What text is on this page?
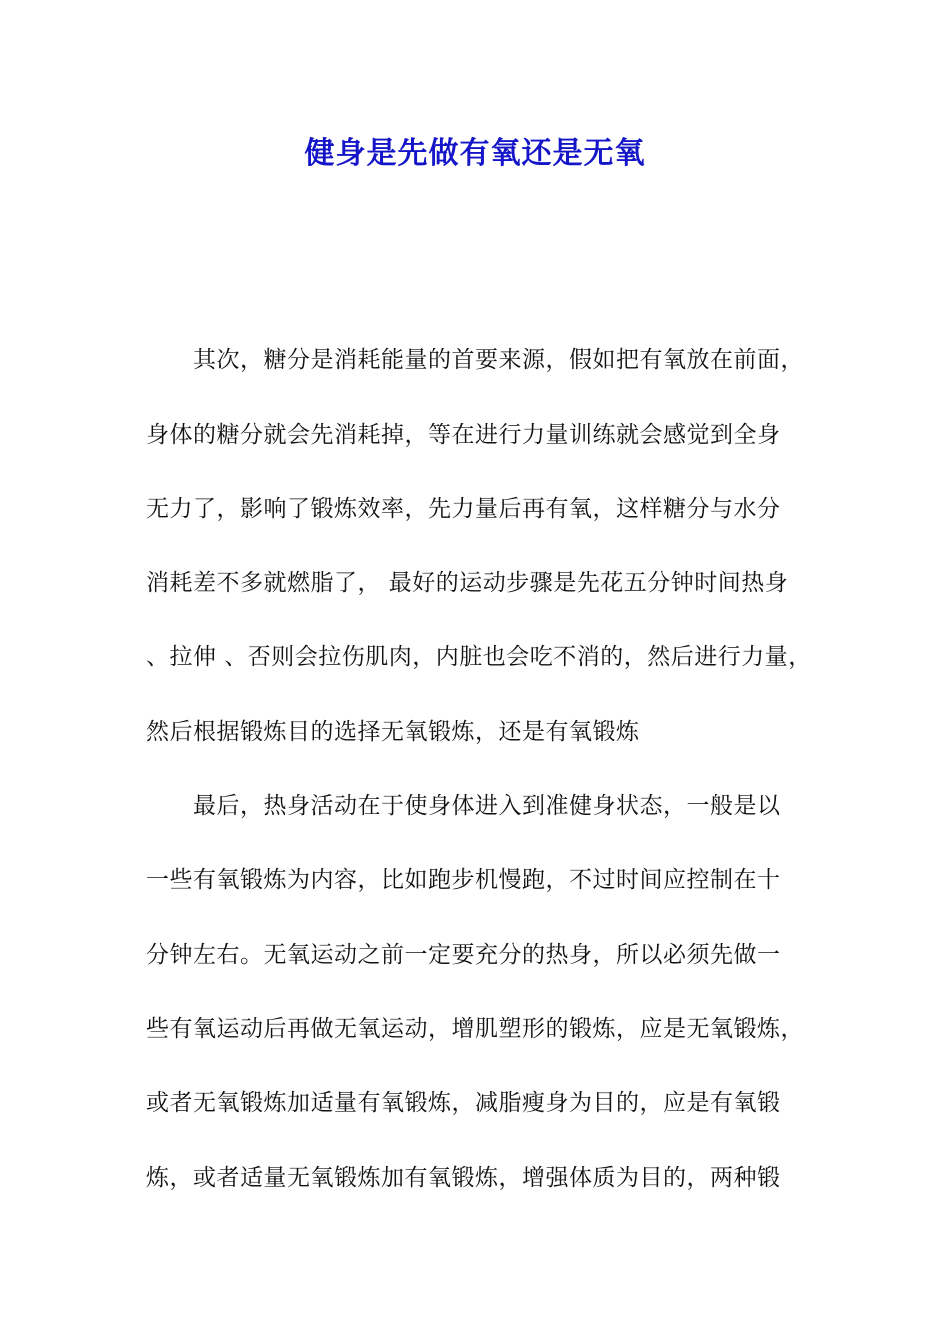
健身是先做有氧还是无氧
　　其次，糖分是消耗能量的首要来源，假如把有氧放在前面，
身体的糖分就会先消耗掉，等在进行力量训练就会感觉到全身
无力了，影响了锻炼效率，先力量后再有氧，这样糖分与水分
消耗差不多就燃脂了， 最好的运动步骤是先花五分钟时间热身
、拉伸 、否则会拉伤肌肉，内脏也会吃不消的，然后进行力量，
然后根据锻炼目的选择无氧锻炼，还是有氧锻炼
　　最后，热身活动在于使身体进入到准健身状态，一般是以
一些有氧锻炼为内容，比如跑步机慢跑，不过时间应控制在十
分钟左右。无氧运动之前一定要充分的热身，所以必须先做一
些有氧运动后再做无氧运动，增肌塑形的锻炼，应是无氧锻炼，
或者无氧锻炼加适量有氧锻炼，减脂瘦身为目的，应是有氧锻
炼，或者适量无氧锻炼加有氧锻炼，增强体质为目的，两种锻
